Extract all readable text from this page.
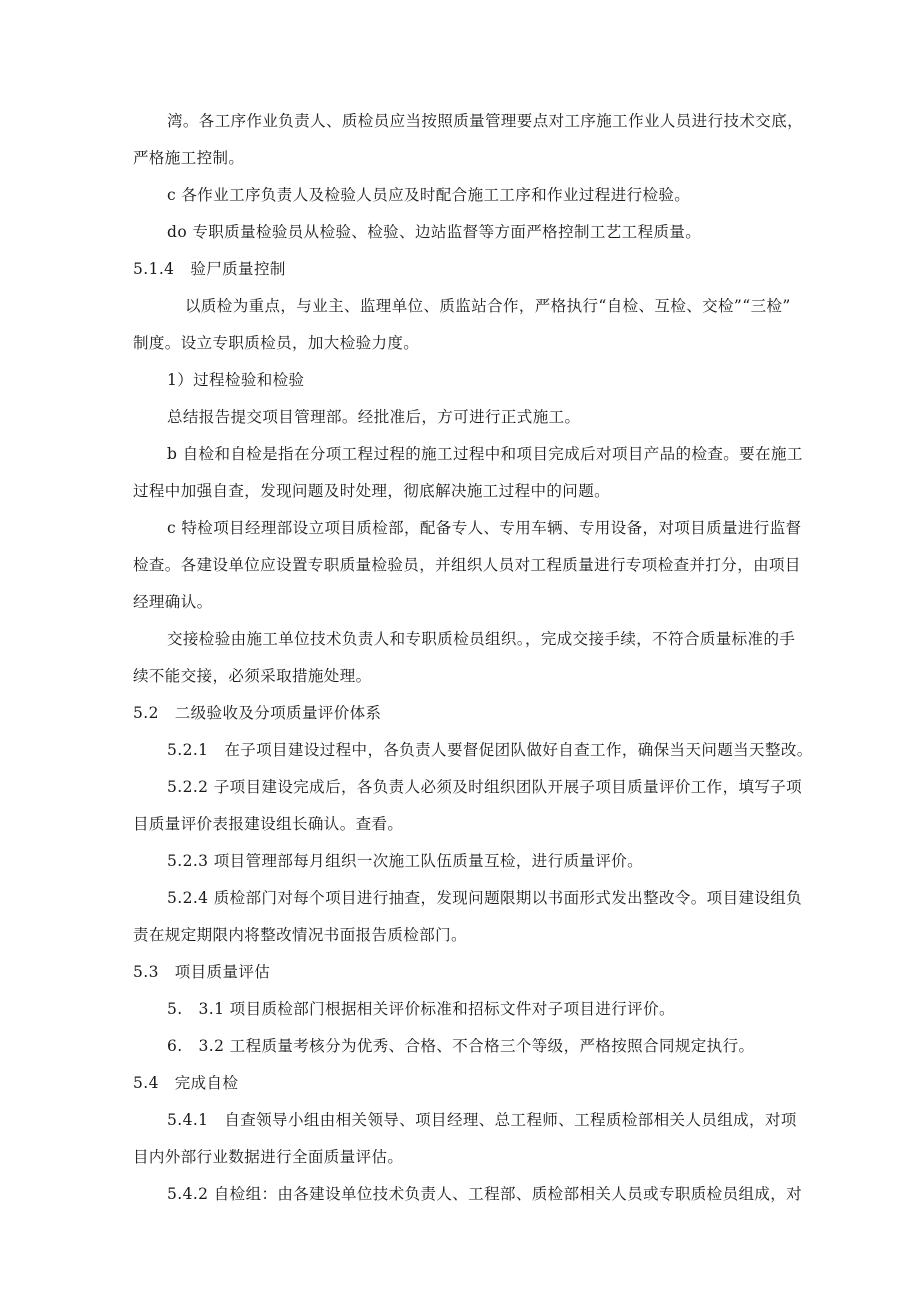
湾。各工序作业负责人、质检员应当按照质量管理要点对工序施工作业人员进行技术交底，
严格施工控制。
c 各作业工序负责人及检验人员应及时配合施工工序和作业过程进行检验。
do 专职质量检验员从检验、检验、边站监督等方面严格控制工艺工程质量。
5.1.4　验尸质量控制
以质检为重点，与业主、监理单位、质监站合作，严格执行“自检、互检、交检”“三检”
制度。设立专职质检员，加大检验力度。
1）过程检验和检验
总结报告提交项目管理部。经批准后，方可进行正式施工。
b 自检和自检是指在分项工程过程的施工过程中和项目完成后对项目产品的检查。要在施工
过程中加强自查，发现问题及时处理，彻底解决施工过程中的问题。
c 特检项目经理部设立项目质检部，配备专人、专用车辆、专用设备，对项目质量进行监督
检查。各建设单位应设置专职质量检验员，并组织人员对工程质量进行专项检查并打分，由项目
经理确认。
交接检验由施工单位技术负责人和专职质检员组织。，完成交接手续，不符合质量标准的手
续不能交接，必须采取措施处理。
5.2　二级验收及分项质量评价体系
5.2.1　在子项目建设过程中，各负责人要督促团队做好自查工作，确保当天问题当天整改。
5.2.2 子项目建设完成后，各负责人必须及时组织团队开展子项目质量评价工作，填写子项
目质量评价表报建设组长确认。查看。
5.2.3 项目管理部每月组织一次施工队伍质量互检，进行质量评价。
5.2.4 质检部门对每个项目进行抽查，发现问题限期以书面形式发出整改令。项目建设组负
责在规定期限内将整改情况书面报告质检部门。
5.3　项目质量评估
5.　3.1 项目质检部门根据相关评价标准和招标文件对子项目进行评价。
6.　3.2 工程质量考核分为优秀、合格、不合格三个等级，严格按照合同规定执行。
5.4　完成自检
5.4.1　自查领导小组由相关领导、项目经理、总工程师、工程质检部相关人员组成，对项
目内外部行业数据进行全面质量评估。
5.4.2 自检组：由各建设单位技术负责人、工程部、质检部相关人员或专职质检员组成，对
